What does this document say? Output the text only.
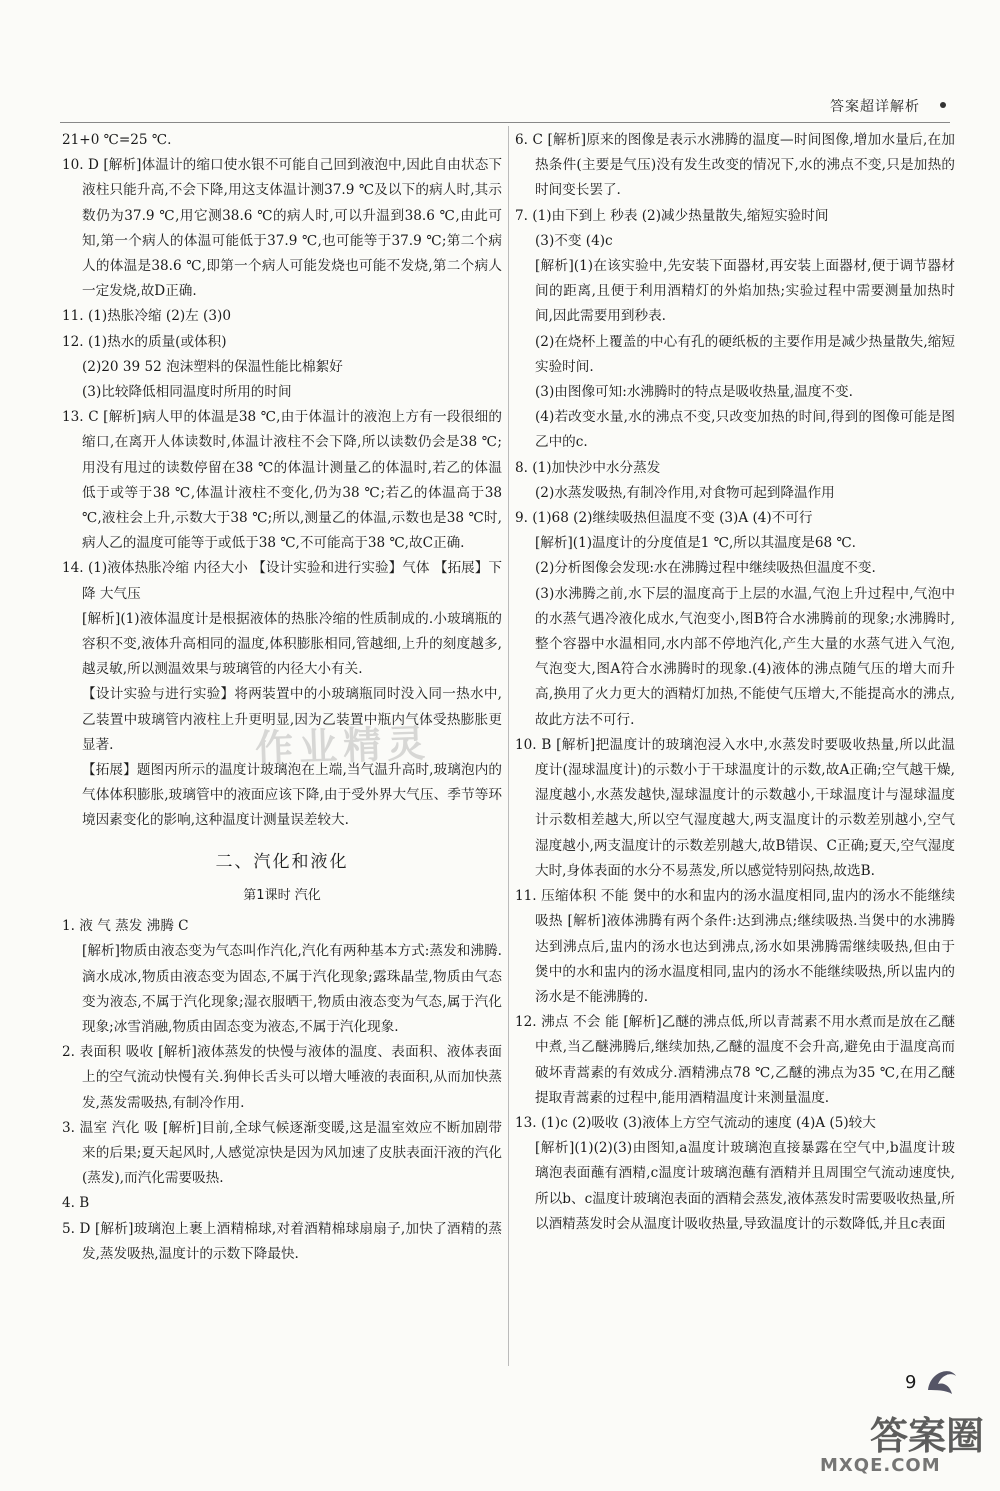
答案超详解析
21+0 ℃=25 ℃.
10. D [解析]体温计的缩口使水银不可能自己回到液泡中,因此自由状态下液柱只能升高,不会下降,用这支体温计测37.9 ℃及以下的病人时,其示数仍为37.9 ℃,用它测38.6 ℃的病人时,可以升温到38.6 ℃,由此可知,第一个病人的体温可能低于37.9 ℃,也可能等于37.9 ℃;第二个病人的体温是38.6 ℃,即第一个病人可能发烧也可能不发烧,第二个病人一定发烧,故D正确.
11. (1)热胀冷缩 (2)左 (3)0
12. (1)热水的质量(或体积)
(2)20 39 52 泡沫塑料的保温性能比棉絮好
(3)比较降低相同温度时所用的时间
13. C [解析]病人甲的体温是38 ℃,由于体温计的液泡上方有一段很细的缩口,在离开人体读数时,体温计液柱不会下降,所以读数仍会是38 ℃;用没有甩过的读数停留在38 ℃的体温计测量乙的体温时,若乙的体温低于或等于38 ℃,体温计液柱不变化,仍为38 ℃;若乙的体温高于38 ℃,液柱会上升,示数大于38 ℃;所以,测量乙的体温,示数也是38 ℃时,病人乙的温度可能等于或低于38 ℃,不可能高于38 ℃,故C正确.
14. (1)液体热胀冷缩 内径大小 【设计实验和进行实验】气体 【拓展】下降 大气压
[解析](1)液体温度计是根据液体的热胀冷缩的性质制成的.小玻璃瓶的容积不变,液体升高相同的温度,体积膨胀相同,管越细,上升的刻度越多,越灵敏,所以测温效果与玻璃管的内径大小有关.
【设计实验与进行实验】将两装置中的小玻璃瓶同时没入同一热水中,乙装置中玻璃管内液柱上升更明显,因为乙装置中瓶内气体受热膨胀更显著.
【拓展】题图丙所示的温度计玻璃泡在上端,当气温升高时,玻璃泡内的气体体积膨胀,玻璃管中的液面应该下降,由于受外界大气压、季节等环境因素变化的影响,这种温度计测量误差较大.
二、汽化和液化
第1课时 汽化
1. 液 气 蒸发 沸腾 C
[解析]物质由液态变为气态叫作汽化,汽化有两种基本方式:蒸发和沸腾.滴水成冰,物质由液态变为固态,不属于汽化现象;露珠晶莹,物质由气态变为液态,不属于汽化现象;湿衣服晒干,物质由液态变为气态,属于汽化现象;冰雪消融,物质由固态变为液态,不属于汽化现象.
2. 表面积 吸收 [解析]液体蒸发的快慢与液体的温度、表面积、液体表面上的空气流动快慢有关.狗伸长舌头可以增大唾液的表面积,从而加快蒸发,蒸发需吸热,有制冷作用.
3. 温室 汽化 吸 [解析]目前,全球气候逐渐变暖,这是温室效应不断加剧带来的后果;夏天起风时,人感觉凉快是因为风加速了皮肤表面汗液的汽化(蒸发),而汽化需要吸热.
4. B
5. D [解析]玻璃泡上裹上酒精棉球,对着酒精棉球扇扇子,加快了酒精的蒸发,蒸发吸热,温度计的示数下降最快.
6. C [解析]原来的图像是表示水沸腾的温度—时间图像,增加水量后,在加热条件(主要是气压)没有发生改变的情况下,水的沸点不变,只是加热的时间变长罢了.
7. (1)由下到上 秒表 (2)减少热量散失,缩短实验时间
(3)不变 (4)c
[解析](1)在该实验中,先安装下面器材,再安装上面器材,便于调节器材间的距离,且便于利用酒精灯的外焰加热;实验过程中需要测量加热时间,因此需要用到秒表.
(2)在烧杯上覆盖的中心有孔的硬纸板的主要作用是减少热量散失,缩短实验时间.
(3)由图像可知:水沸腾时的特点是吸收热量,温度不变.
(4)若改变水量,水的沸点不变,只改变加热的时间,得到的图像可能是图乙中的c.
8. (1)加快沙中水分蒸发
(2)水蒸发吸热,有制冷作用,对食物可起到降温作用
9. (1)68 (2)继续吸热但温度不变 (3)A (4)不可行
[解析](1)温度计的分度值是1 ℃,所以其温度是68 ℃.
(2)分析图像会发现:水在沸腾过程中继续吸热但温度不变.
(3)水沸腾之前,水下层的温度高于上层的水温,气泡上升过程中,气泡中的水蒸气遇冷液化成水,气泡变小,图B符合水沸腾前的现象;水沸腾时,整个容器中水温相同,水内部不停地汽化,产生大量的水蒸气进入气泡,气泡变大,图A符合水沸腾时的现象.(4)液体的沸点随气压的增大而升高,换用了火力更大的酒精灯加热,不能使气压增大,不能提高水的沸点,故此方法不可行.
10. B [解析]把温度计的玻璃泡浸入水中,水蒸发时要吸收热量,所以此温度计(湿球温度计)的示数小于干球温度计的示数,故A正确;空气越干燥,湿度越小,水蒸发越快,湿球温度计的示数越小,干球温度计与湿球温度计示数相差越大,所以空气湿度越大,两支温度计的示数差别越小,空气湿度越小,两支温度计的示数差别越大,故B错误、C正确;夏天,空气湿度大时,身体表面的水分不易蒸发,所以感觉特别闷热,故选B.
11. 压缩体积 不能 煲中的水和盅内的汤水温度相同,盅内的汤水不能继续吸热 [解析]液体沸腾有两个条件:达到沸点;继续吸热.当煲中的水沸腾达到沸点后,盅内的汤水也达到沸点,汤水如果沸腾需继续吸热,但由于煲中的水和盅内的汤水温度相同,盅内的汤水不能继续吸热,所以盅内的汤水是不能沸腾的.
12. 沸点 不会 能 [解析]乙醚的沸点低,所以青蒿素不用水煮而是放在乙醚中煮,当乙醚沸腾后,继续加热,乙醚的温度不会升高,避免由于温度高而破坏青蒿素的有效成分.酒精沸点78 ℃,乙醚的沸点为35 ℃,在用乙醚提取青蒿素的过程中,能用酒精温度计来测量温度.
13. (1)c (2)吸收 (3)液体上方空气流动的速度 (4)A (5)较大
[解析](1)(2)(3)由图知,a温度计玻璃泡直接暴露在空气中,b温度计玻璃泡表面蘸有酒精,c温度计玻璃泡蘸有酒精并且周围空气流动速度快,所以b、c温度计玻璃泡表面的酒精会蒸发,液体蒸发时需要吸收热量,所以酒精蒸发时会从温度计吸收热量,导致温度计的示数降低,并且c表面
作业精灵
9
答案圈
MXQE.COM
